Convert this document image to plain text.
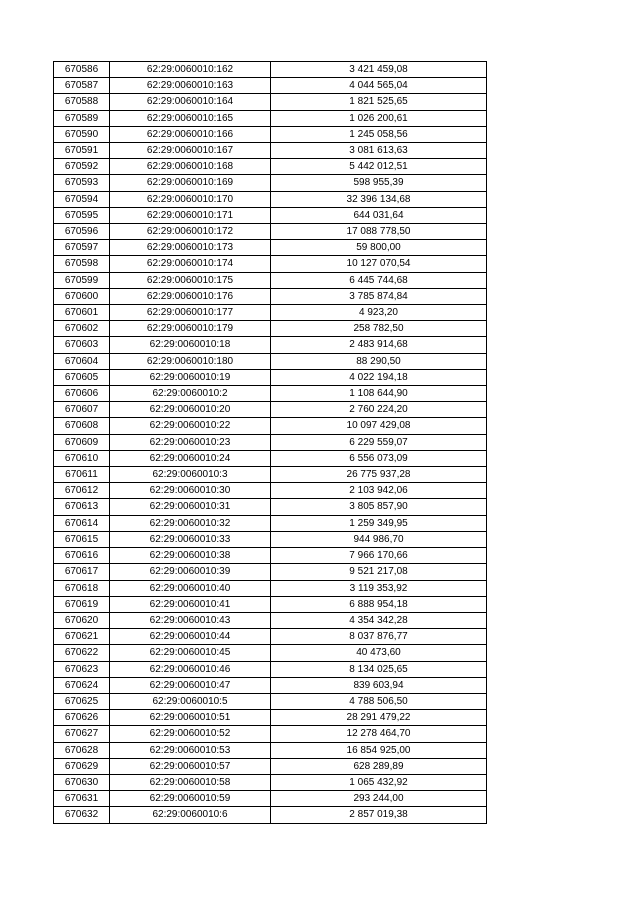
670586	62:29:0060010:162	3 421 459,08
670587	62:29:0060010:163	4 044 565,04
670588	62:29:0060010:164	1 821 525,65
670589	62:29:0060010:165	1 026 200,61
670590	62:29:0060010:166	1 245 058,56
670591	62:29:0060010:167	3 081 613,63
670592	62:29:0060010:168	5 442 012,51
670593	62:29:0060010:169	598 955,39
670594	62:29:0060010:170	32 396 134,68
670595	62:29:0060010:171	644 031,64
670596	62:29:0060010:172	17 088 778,50
670597	62:29:0060010:173	59 800,00
670598	62:29:0060010:174	10 127 070,54
670599	62:29:0060010:175	6 445 744,68
670600	62:29:0060010:176	3 785 874,84
670601	62:29:0060010:177	4 923,20
670602	62:29:0060010:179	258 782,50
670603	62:29:0060010:18	2 483 914,68
670604	62:29:0060010:180	88 290,50
670605	62:29:0060010:19	4 022 194,18
670606	62:29:0060010:2	1 108 644,90
670607	62:29:0060010:20	2 760 224,20
670608	62:29:0060010:22	10 097 429,08
670609	62:29:0060010:23	6 229 559,07
670610	62:29:0060010:24	6 556 073,09
670611	62:29:0060010:3	26 775 937,28
670612	62:29:0060010:30	2 103 942,06
670613	62:29:0060010:31	3 805 857,90
670614	62:29:0060010:32	1 259 349,95
670615	62:29:0060010:33	944 986,70
670616	62:29:0060010:38	7 966 170,66
670617	62:29:0060010:39	9 521 217,08
670618	62:29:0060010:40	3 119 353,92
670619	62:29:0060010:41	6 888 954,18
670620	62:29:0060010:43	4 354 342,28
670621	62:29:0060010:44	8 037 876,77
670622	62:29:0060010:45	40 473,60
670623	62:29:0060010:46	8 134 025,65
670624	62:29:0060010:47	839 603,94
670625	62:29:0060010:5	4 788 506,50
670626	62:29:0060010:51	28 291 479,22
670627	62:29:0060010:52	12 278 464,70
670628	62:29:0060010:53	16 854 925,00
670629	62:29:0060010:57	628 289,89
670630	62:29:0060010:58	1 065 432,92
670631	62:29:0060010:59	293 244,00
670632	62:29:0060010:6	2 857 019,38
